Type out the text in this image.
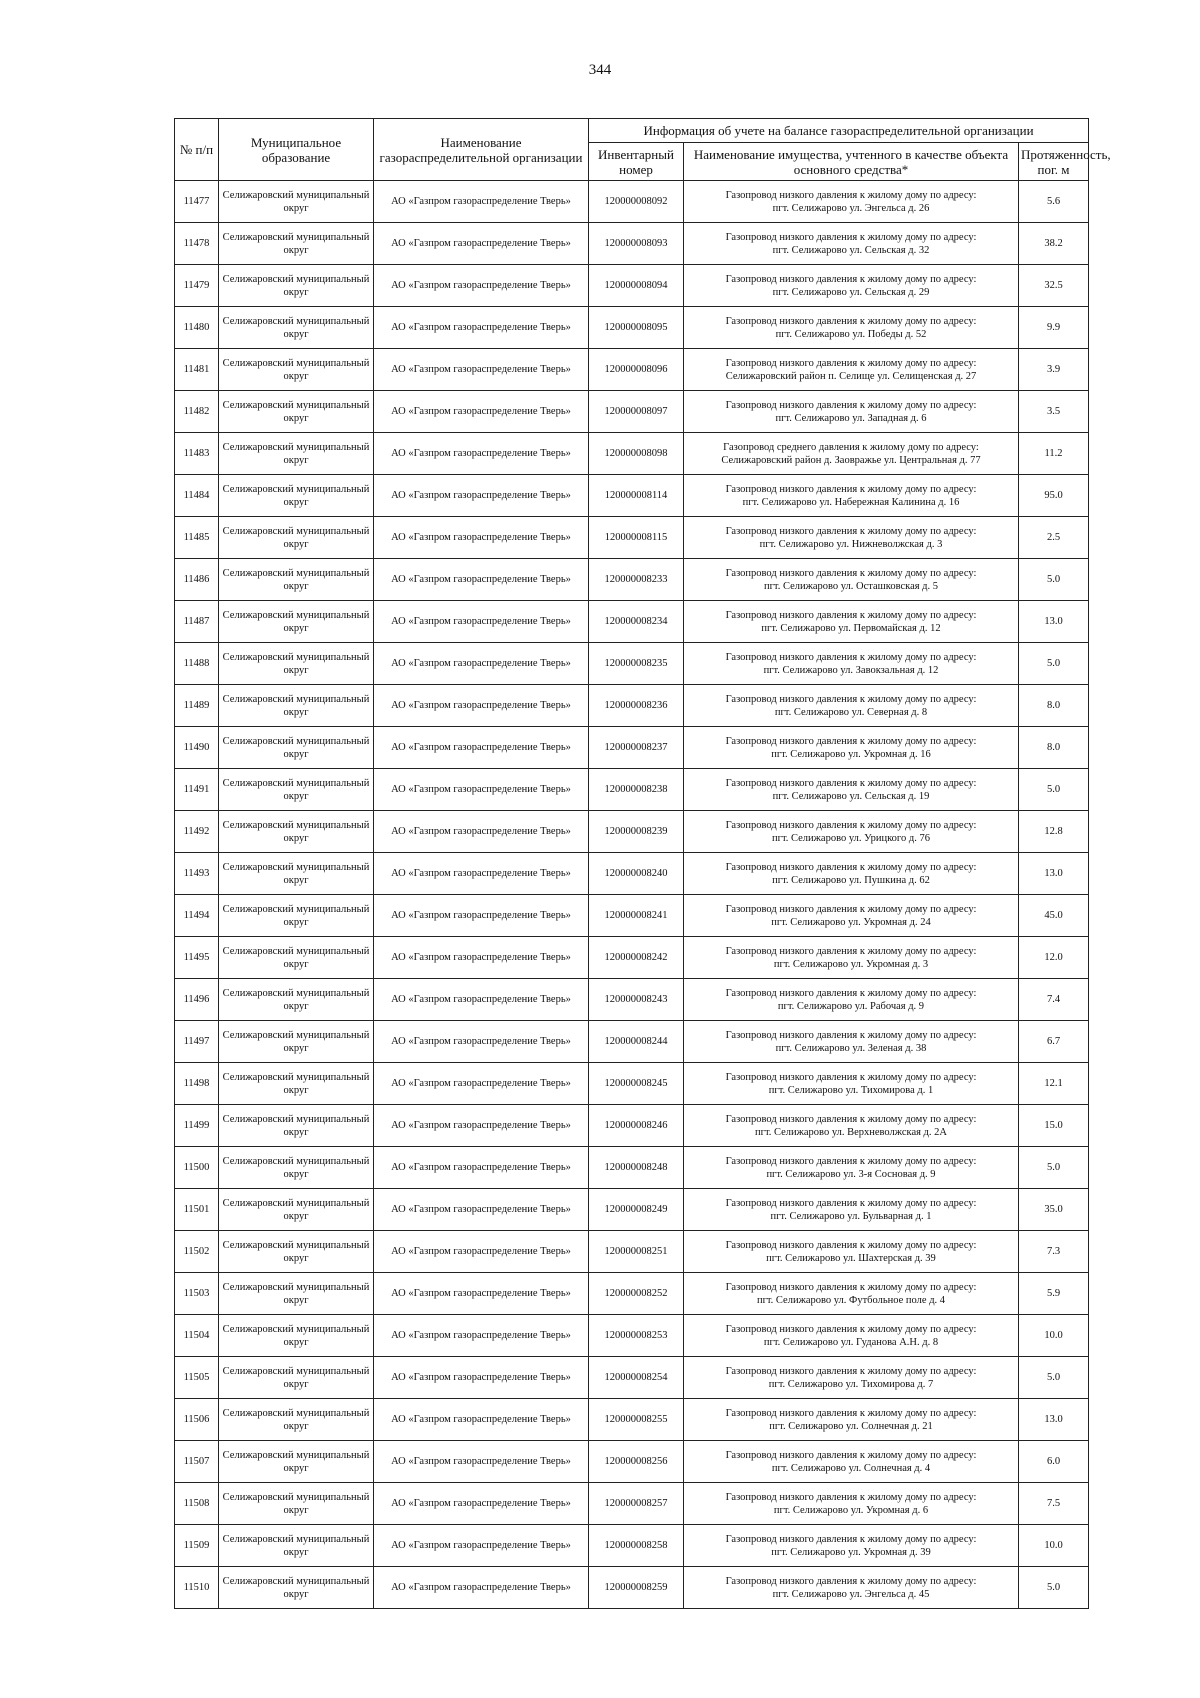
344
№ п/п	Муниципальное образование	Наименование газораспределительной организации	Информация об учете на балансе газораспределительной организации		
			Инвентарный номер	Наименование имущества, учтенного в качестве объекта основного средства*	Протяженность, пог. м
11477	Селижаровский муниципальный округ	АО «Газпром газораспределение Тверь»	120000008092	Газопровод низкого давления к жилому дому по адресу:
пгт. Селижарово ул. Энгельса д. 26	5.6
11478	Селижаровский муниципальный округ	АО «Газпром газораспределение Тверь»	120000008093	Газопровод низкого давления к жилому дому по адресу:
пгт. Селижарово ул. Сельская д. 32	38.2
11479	Селижаровский муниципальный округ	АО «Газпром газораспределение Тверь»	120000008094	Газопровод низкого давления к жилому дому по адресу:
пгт. Селижарово ул. Сельская д. 29	32.5
11480	Селижаровский муниципальный округ	АО «Газпром газораспределение Тверь»	120000008095	Газопровод низкого давления к жилому дому по адресу:
пгт. Селижарово ул. Победы д. 52	9.9
11481	Селижаровский муниципальный округ	АО «Газпром газораспределение Тверь»	120000008096	Газопровод низкого давления к жилому дому по адресу:
Селижаровский район п. Селище ул. Селищенская д. 27	3.9
11482	Селижаровский муниципальный округ	АО «Газпром газораспределение Тверь»	120000008097	Газопровод низкого давления к жилому дому по адресу:
пгт. Селижарово ул. Западная д. 6	3.5
11483	Селижаровский муниципальный округ	АО «Газпром газораспределение Тверь»	120000008098	Газопровод среднего давления к жилому дому по адресу:
Селижаровский район д. Заовражье ул. Центральная д. 77	11.2
11484	Селижаровский муниципальный округ	АО «Газпром газораспределение Тверь»	120000008114	Газопровод низкого давления к жилому дому по адресу:
пгт. Селижарово ул. Набережная Калинина д. 16	95.0
11485	Селижаровский муниципальный округ	АО «Газпром газораспределение Тверь»	120000008115	Газопровод низкого давления к жилому дому по адресу:
пгт. Селижарово ул. Нижневолжская д. 3	2.5
11486	Селижаровский муниципальный округ	АО «Газпром газораспределение Тверь»	120000008233	Газопровод низкого давления к жилому дому по адресу:
пгт. Селижарово ул. Осташковская д. 5	5.0
11487	Селижаровский муниципальный округ	АО «Газпром газораспределение Тверь»	120000008234	Газопровод низкого давления к жилому дому по адресу:
пгт. Селижарово ул. Первомайская д. 12	13.0
11488	Селижаровский муниципальный округ	АО «Газпром газораспределение Тверь»	120000008235	Газопровод низкого давления к жилому дому по адресу:
пгт. Селижарово ул. Завокзальная д. 12	5.0
11489	Селижаровский муниципальный округ	АО «Газпром газораспределение Тверь»	120000008236	Газопровод низкого давления к жилому дому по адресу:
пгт. Селижарово ул. Северная д. 8	8.0
11490	Селижаровский муниципальный округ	АО «Газпром газораспределение Тверь»	120000008237	Газопровод низкого давления к жилому дому по адресу:
пгт. Селижарово ул. Укромная д. 16	8.0
11491	Селижаровский муниципальный округ	АО «Газпром газораспределение Тверь»	120000008238	Газопровод низкого давления к жилому дому по адресу:
пгт. Селижарово ул. Сельская д. 19	5.0
11492	Селижаровский муниципальный округ	АО «Газпром газораспределение Тверь»	120000008239	Газопровод низкого давления к жилому дому по адресу:
пгт. Селижарово ул. Урицкого д. 76	12.8
11493	Селижаровский муниципальный округ	АО «Газпром газораспределение Тверь»	120000008240	Газопровод низкого давления к жилому дому по адресу:
пгт. Селижарово ул. Пушкина д. 62	13.0
11494	Селижаровский муниципальный округ	АО «Газпром газораспределение Тверь»	120000008241	Газопровод низкого давления к жилому дому по адресу:
пгт. Селижарово ул. Укромная д. 24	45.0
11495	Селижаровский муниципальный округ	АО «Газпром газораспределение Тверь»	120000008242	Газопровод низкого давления к жилому дому по адресу:
пгт. Селижарово ул. Укромная д. 3	12.0
11496	Селижаровский муниципальный округ	АО «Газпром газораспределение Тверь»	120000008243	Газопровод низкого давления к жилому дому по адресу:
пгт. Селижарово ул. Рабочая д. 9	7.4
11497	Селижаровский муниципальный округ	АО «Газпром газораспределение Тверь»	120000008244	Газопровод низкого давления к жилому дому по адресу:
пгт. Селижарово ул. Зеленая д. 38	6.7
11498	Селижаровский муниципальный округ	АО «Газпром газораспределение Тверь»	120000008245	Газопровод низкого давления к жилому дому по адресу:
пгт. Селижарово ул. Тихомирова д. 1	12.1
11499	Селижаровский муниципальный округ	АО «Газпром газораспределение Тверь»	120000008246	Газопровод низкого давления к жилому дому по адресу:
пгт. Селижарово ул. Верхневолжская д. 2А	15.0
11500	Селижаровский муниципальный округ	АО «Газпром газораспределение Тверь»	120000008248	Газопровод низкого давления к жилому дому по адресу:
пгт. Селижарово ул. 3-я Сосновая д. 9	5.0
11501	Селижаровский муниципальный округ	АО «Газпром газораспределение Тверь»	120000008249	Газопровод низкого давления к жилому дому по адресу:
пгт. Селижарово ул. Бульварная д. 1	35.0
11502	Селижаровский муниципальный округ	АО «Газпром газораспределение Тверь»	120000008251	Газопровод низкого давления к жилому дому по адресу:
пгт. Селижарово ул. Шахтерская д. 39	7.3
11503	Селижаровский муниципальный округ	АО «Газпром газораспределение Тверь»	120000008252	Газопровод низкого давления к жилому дому по адресу:
пгт. Селижарово ул. Футбольное поле д. 4	5.9
11504	Селижаровский муниципальный округ	АО «Газпром газораспределение Тверь»	120000008253	Газопровод низкого давления к жилому дому по адресу:
пгт. Селижарово ул. Гуданова А.Н. д. 8	10.0
11505	Селижаровский муниципальный округ	АО «Газпром газораспределение Тверь»	120000008254	Газопровод низкого давления к жилому дому по адресу:
пгт. Селижарово ул. Тихомирова д. 7	5.0
11506	Селижаровский муниципальный округ	АО «Газпром газораспределение Тверь»	120000008255	Газопровод низкого давления к жилому дому по адресу:
пгт. Селижарово ул. Солнечная д. 21	13.0
11507	Селижаровский муниципальный округ	АО «Газпром газораспределение Тверь»	120000008256	Газопровод низкого давления к жилому дому по адресу:
пгт. Селижарово ул. Солнечная д. 4	6.0
11508	Селижаровский муниципальный округ	АО «Газпром газораспределение Тверь»	120000008257	Газопровод низкого давления к жилому дому по адресу:
пгт. Селижарово ул. Укромная д. 6	7.5
11509	Селижаровский муниципальный округ	АО «Газпром газораспределение Тверь»	120000008258	Газопровод низкого давления к жилому дому по адресу:
пгт. Селижарово ул. Укромная д. 39	10.0
11510	Селижаровский муниципальный округ	АО «Газпром газораспределение Тверь»	120000008259	Газопровод низкого давления к жилому дому по адресу:
пгт. Селижарово ул. Энгельса д. 45	5.0
